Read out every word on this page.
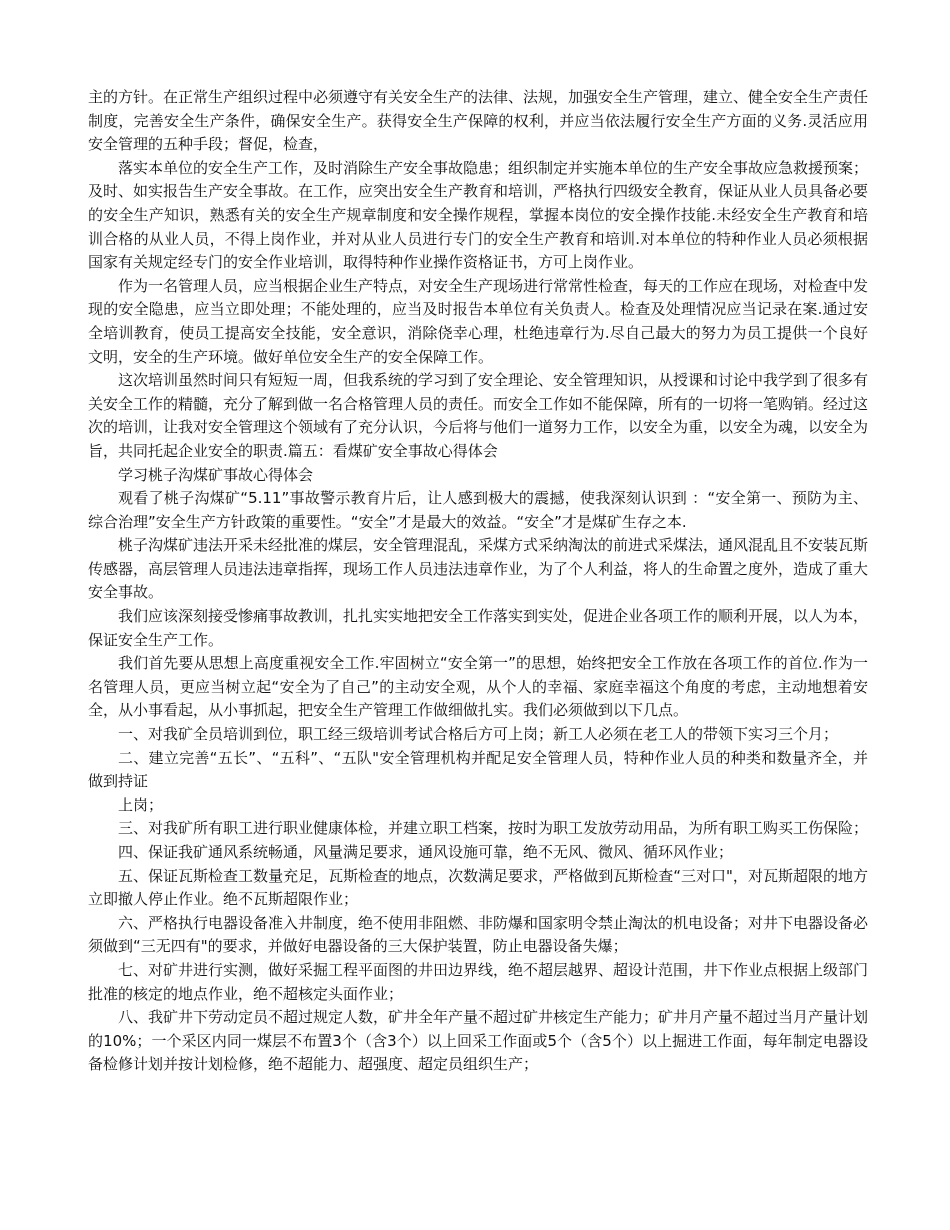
主的方针。在正常生产组织过程中必须遵守有关安全生产的法律、法规，加强安全生产管理，建立、健全安全生产责任制度，完善安全生产条件，确保安全生产。获得安全生产保障的权利，并应当依法履行安全生产方面的义务.灵活应用安全管理的五种手段；督促，检查，

落实本单位的安全生产工作，及时消除生产安全事故隐患；组织制定并实施本单位的生产安全事故应急救援预案；及时、如实报告生产安全事故。在工作，应突出安全生产教育和培训，严格执行四级安全教育，保证从业人员具备必要的安全生产知识，熟悉有关的安全生产规章制度和安全操作规程，掌握本岗位的安全操作技能.未经安全生产教育和培训合格的从业人员，不得上岗作业，并对从业人员进行专门的安全生产教育和培训.对本单位的特种作业人员必须根据国家有关规定经专门的安全作业培训，取得特种作业操作资格证书，方可上岗作业。

作为一名管理人员，应当根据企业生产特点，对安全生产现场进行常常性检查，每天的工作应在现场，对检查中发现的安全隐患，应当立即处理；不能处理的，应当及时报告本单位有关负责人。检查及处理情况应当记录在案.通过安全培训教育，使员工提高安全技能，安全意识，消除侥幸心理，杜绝违章行为.尽自己最大的努力为员工提供一个良好文明，安全的生产环境。做好单位安全生产的安全保障工作。

这次培训虽然时间只有短短一周，但我系统的学习到了安全理论、安全管理知识，从授课和讨论中我学到了很多有关安全工作的精髓，充分了解到做一名合格管理人员的责任。而安全工作如不能保障，所有的一切将一笔购销。经过这次的培训，让我对安全管理这个领域有了充分认识，今后将与他们一道努力工作，以安全为重，以安全为魂，以安全为旨，共同托起企业安全的职责.篇五：看煤矿安全事故心得体会

学习桃子沟煤矿事故心得体会

观看了桃子沟煤矿“5.11”事故警示教育片后，让人感到极大的震撼，使我深刻认识到 ：“安全第一、预防为主、综合治理”安全生产方针政策的重要性。“安全”才是最大的效益。“安全”才是煤矿生存之本.

桃子沟煤矿违法开采未经批准的煤层，安全管理混乱，采煤方式采纳淘汰的前进式采煤法，通风混乱且不安装瓦斯传感器，高层管理人员违法违章指挥，现场工作人员违法违章作业，为了个人利益，将人的生命置之度外，造成了重大安全事故。

我们应该深刻接受惨痛事故教训，扎扎实实地把安全工作落实到实处，促进企业各项工作的顺利开展，以人为本，保证安全生产工作。

我们首先要从思想上高度重视安全工作.牢固树立“安全第一”的思想，始终把安全工作放在各项工作的首位.作为一名管理人员，更应当树立起“安全为了自己”的主动安全观，从个人的幸福、家庭幸福这个角度的考虑，主动地想着安全，从小事看起，从小事抓起，把安全生产管理工作做细做扎实。我们必须做到以下几点。

一、对我矿全员培训到位，职工经三级培训考试合格后方可上岗；新工人必须在老工人的带领下实习三个月；

二、建立完善“五长”、“五科”、“五队"安全管理机构并配足安全管理人员，特种作业人员的种类和数量齐全，并做到持证

上岗；

三、对我矿所有职工进行职业健康体检，并建立职工档案，按时为职工发放劳动用品，为所有职工购买工伤保险；

四、保证我矿通风系统畅通，风量满足要求，通风设施可靠，绝不无风、微风、循环风作业；

五、保证瓦斯检查工数量充足，瓦斯检查的地点，次数满足要求，严格做到瓦斯检查“三对口"，对瓦斯超限的地方立即撤人停止作业。绝不瓦斯超限作业；

六、严格执行电器设备准入井制度，绝不使用非阻燃、非防爆和国家明令禁止淘汰的机电设备；对井下电器设备必须做到“三无四有"的要求，并做好电器设备的三大保护装置，防止电器设备失爆；

七、对矿井进行实测，做好采掘工程平面图的井田边界线，绝不超层越界、超设计范围，井下作业点根据上级部门批准的核定的地点作业，绝不超核定头面作业；

八、我矿井下劳动定员不超过规定人数，矿井全年产量不超过矿井核定生产能力；矿井月产量不超过当月产量计划的10%；一个采区内同一煤层不布置3个（含3个）以上回采工作面或5个（含5个）以上掘进工作面，每年制定电器设备检修计划并按计划检修，绝不超能力、超强度、超定员组织生产；
